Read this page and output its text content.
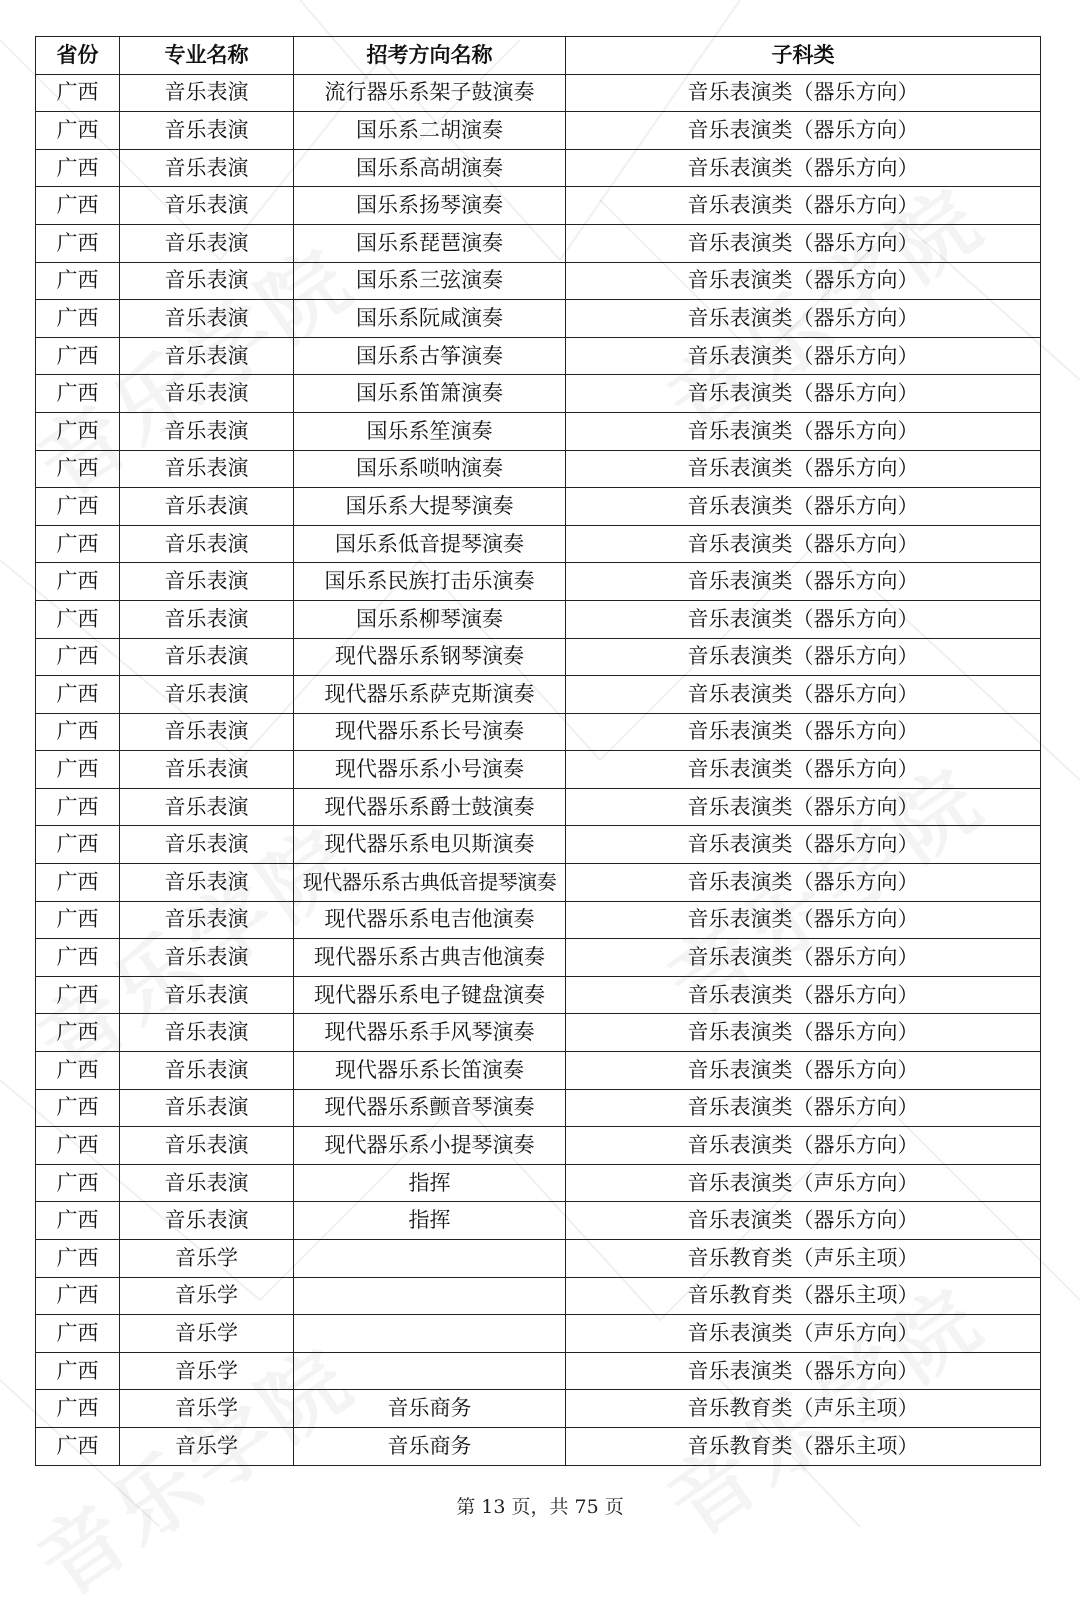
省份	专业名称	招考方向名称	子科类
广西	音乐表演	流行器乐系架子鼓演奏	音乐表演类（器乐方向）
广西	音乐表演	国乐系二胡演奏	音乐表演类（器乐方向）
广西	音乐表演	国乐系高胡演奏	音乐表演类（器乐方向）
广西	音乐表演	国乐系扬琴演奏	音乐表演类（器乐方向）
广西	音乐表演	国乐系琵琶演奏	音乐表演类（器乐方向）
广西	音乐表演	国乐系三弦演奏	音乐表演类（器乐方向）
广西	音乐表演	国乐系阮咸演奏	音乐表演类（器乐方向）
广西	音乐表演	国乐系古筝演奏	音乐表演类（器乐方向）
广西	音乐表演	国乐系笛箫演奏	音乐表演类（器乐方向）
广西	音乐表演	国乐系笙演奏	音乐表演类（器乐方向）
广西	音乐表演	国乐系唢呐演奏	音乐表演类（器乐方向）
广西	音乐表演	国乐系大提琴演奏	音乐表演类（器乐方向）
广西	音乐表演	国乐系低音提琴演奏	音乐表演类（器乐方向）
广西	音乐表演	国乐系民族打击乐演奏	音乐表演类（器乐方向）
广西	音乐表演	国乐系柳琴演奏	音乐表演类（器乐方向）
广西	音乐表演	现代器乐系钢琴演奏	音乐表演类（器乐方向）
广西	音乐表演	现代器乐系萨克斯演奏	音乐表演类（器乐方向）
广西	音乐表演	现代器乐系长号演奏	音乐表演类（器乐方向）
广西	音乐表演	现代器乐系小号演奏	音乐表演类（器乐方向）
广西	音乐表演	现代器乐系爵士鼓演奏	音乐表演类（器乐方向）
广西	音乐表演	现代器乐系电贝斯演奏	音乐表演类（器乐方向）
广西	音乐表演	现代器乐系古典低音提琴演奏	音乐表演类（器乐方向）
广西	音乐表演	现代器乐系电吉他演奏	音乐表演类（器乐方向）
广西	音乐表演	现代器乐系古典吉他演奏	音乐表演类（器乐方向）
广西	音乐表演	现代器乐系电子键盘演奏	音乐表演类（器乐方向）
广西	音乐表演	现代器乐系手风琴演奏	音乐表演类（器乐方向）
广西	音乐表演	现代器乐系长笛演奏	音乐表演类（器乐方向）
广西	音乐表演	现代器乐系颤音琴演奏	音乐表演类（器乐方向）
广西	音乐表演	现代器乐系小提琴演奏	音乐表演类（器乐方向）
广西	音乐表演	指挥	音乐表演类（声乐方向）
广西	音乐表演	指挥	音乐表演类（器乐方向）
广西	音乐学		音乐教育类（声乐主项）
广西	音乐学		音乐教育类（器乐主项）
广西	音乐学		音乐表演类（声乐方向）
广西	音乐学		音乐表演类（器乐方向）
广西	音乐学	音乐商务	音乐教育类（声乐主项）
广西	音乐学	音乐商务	音乐教育类（器乐主项）
第 13 页，共 75 页
